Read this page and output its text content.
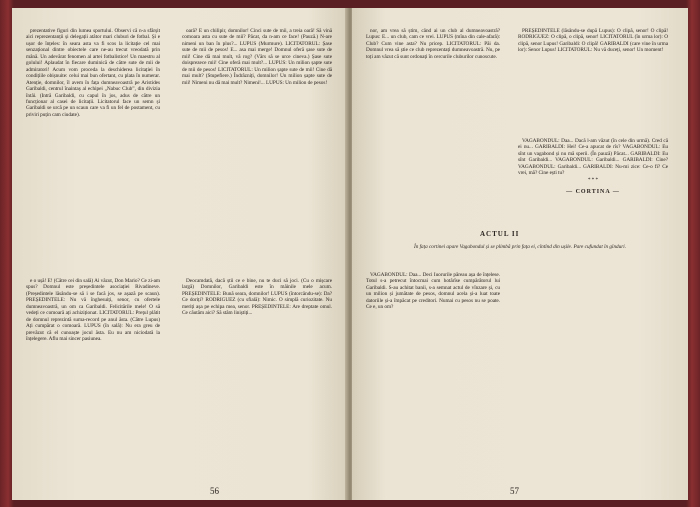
prezentative figuri din lumea sportului. Observi că n-a sfârșit aici reprezentanții și delegații atâtor mari cluburi de fotbal. Și e ușor de înțeles: în seara asta va fi scos la licitație cel mai senzațional dintre obiectele care ne-au trecut vreodată prin mână. Un adevărat fenomen al artei fotbalistice! Un maestru al golului! Aplaudat în fiecare duminică de către sute de mii de admiratori! Acum vom proceda la deschiderea licitației în condițiile obișnuite: celui mai bun ofertant, cu plata în numerar. Atenție, domnilor, îl avem în fața dumneavoastră pe Aristides Garibaldi, centrul înaintaș al echipei „Nabuc Club”, din divizia întâi. (Intră Garibaldi, cu capul în jos, adus de către un funcționar al casei de licitații. Licitatorul face un semn și Garibaldi se urcă pe un scaun care va fi un fel de postament, cu priviri puțin cam ciudate).

oară? E un chilipir, domnilor! Cinci sute de mii, a treia oară! Să vină comoara asta cu sute de mii? Păcat, da n-am ce face! (Pauză.) N-are nimeni un ban în plus?... LUPUS (Murmure). LICITATORUL: Șase sute de mii de pesos! E... asa mai merge! Domnul oferă șase sute de mii! Cine dă mai mult, vă rog? (Vărs să se urce cineva.) Șase sute doisprezece mii! Cine oferă mai mult?... LUPUS: Un milion șapte sute de mii de pesos! LICITATORUL: Un milion șapte sute de mii! Cine dă mai mult? (Stupefiere.) Îndrăzniți, domnilor! Un milion șapte sute de mii! Nimeni nu dă mai mult? Nimeni!... LUPUS: Un milion de pesos!

e o ușă! E! (Către cei din sală) Ai văzut, Don Mario? Ce zi-am spus? Domnul este președintele asociației Rivadineve. (Președintele lăsându-se să i se facă jos, se așază pe scaun). PREȘEDINTELE: Nu vă înghesuiți, senor, cu ofertele dumneavoastră, un om ca Garibaldi. Felicitările mele! O să vedeți ce comoară ați achiziționat. LICITATORUL: Prețul plătit de domnul reprezintă suma-record pe anul ăsta. (Către Lupus) Ați cumpărat o comoară. LUPUS (în sală): Nu era greu de prevăzut că el cunoaște jocul ăsta. Eu nu am niciodată la înțelegere. Aflu mai sincer pasiunea.

Deocamdată, dacă știi ce e bine, nu te duci să joci. (Cu o mișcare largă) Domnilor, Garibaldi este în mâinile mele acum. PREȘEDINTELE: Bună seara, domnilor! LUPUS (întorcându-se): Da? Ce doriți? RODRIGUEZ (cu sfială): Nimic. O simplă curiozitate. Nu meriți așa pe echipa mea, senor. PREȘEDINTELE: Are dreptate omul. Ce căutăm aici? Să stăm liniștiți...

56

nor, am vrea să știm, când ai un club al dumneavoastră? Lupus: E... un club, cam ce vrei. LUPUS (mîna din cale-afară): Club? Cum vine asta? Nu pricep. LICITATORUL: Păi da. Domnul vrea să știe ce club reprezentați dumneavoastră. Nu, pe toți am văzut că sunt ordonați în cercurile cluburilor cunoscute.

PREȘEDINTELE (lăsându-se după Lupus): O clipă, senor! O clipă! RODRIGUEZ: O clipă, o clipă, senor! LICITATORUL (în urma lor): O clipă, senor Lupus! Garibaldi: O clipă! GARIBALDI (care vine în urma lor): Senor Lupus! LICITATORUL: Nu vă duceți, senor! Un moment!

VAGABONDUL: Daa... Dacă l-am văzut (în cele din urmă). Cred că ei nu... GARIBALDI: Hei! Ce-a apucat de rîs? VAGABONDUL: Eu sînt un vagabond și nu mă sperii. (În pauză) Păcat... GARIBALDI: Eu sînt Garibaldi... VAGABONDUL: Garibaldi... GARIBALDI: Cine? VAGABONDUL: Garibaldi... GARIBALDI: Nu-mi zice: Ce-o fi? Ce vrei, mă? Cine ești tu?

* * *

— CORTINA —

ACTUL II
În fața cortinei apare Vagabondul și se plimbă prin fața ei, cîntînd din ușile. Pare cufundat în gînduri.

VAGABONDUL: Daa... Deci Iuorurile păreau așa de înțelese. Totul s-a petrecut întocmai cum hotărîse cumpărătorul lui Garibaldi. S-au achitat banii, s-a semnat actul de vînzare și, cu un milion și jumătate de pesos, domnul acela și-a luat toate datoriile și-a împăcat pe creditori. Numai cu pesos nu se poate. Ce e, un om?

57
